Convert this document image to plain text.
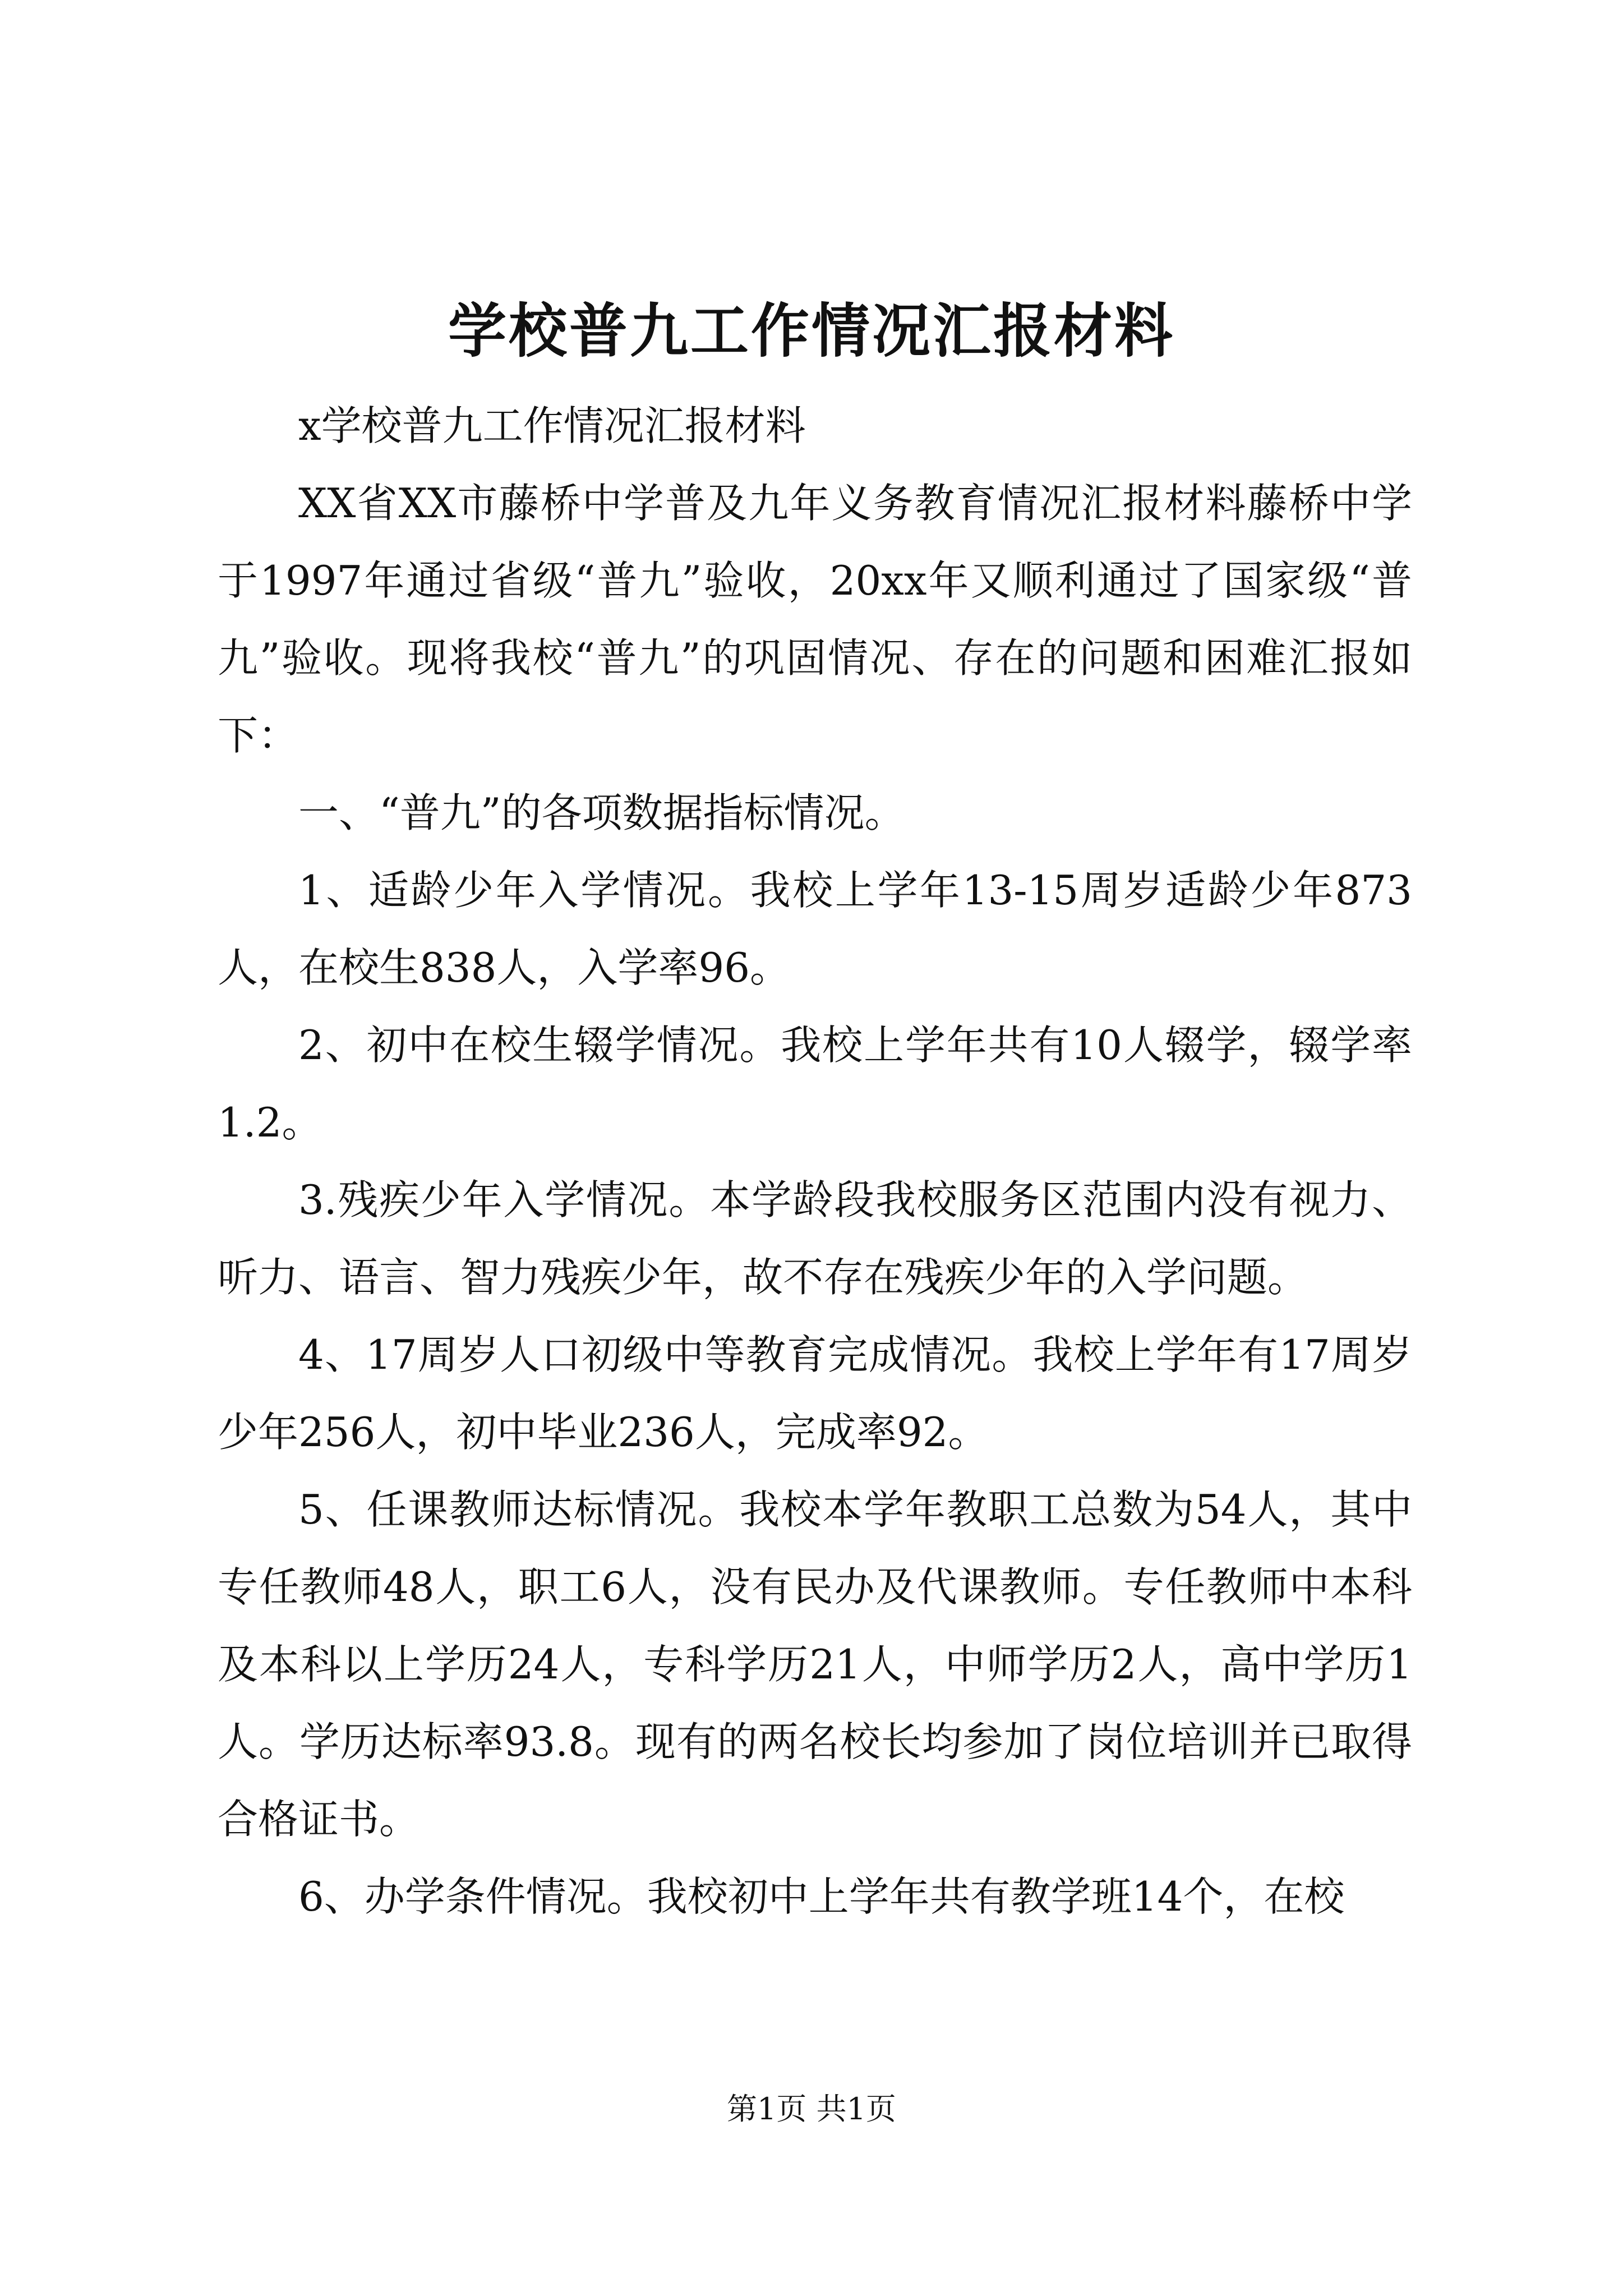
学校普九工作情况汇报材料

x学校普九工作情况汇报材料

XX省XX市藤桥中学普及九年义务教育情况汇报材料藤桥中学于1997年通过省级“普九”验收，20xx年又顺利通过了国家级“普九”验收。现将我校“普九”的巩固情况、存在的问题和困难汇报如下：

一、“普九”的各项数据指标情况。

1、适龄少年入学情况。我校上学年13-15周岁适龄少年873人，在校生838人，入学率96。

2、初中在校生辍学情况。我校上学年共有10人辍学，辍学率1.2。

3.残疾少年入学情况。本学龄段我校服务区范围内没有视力、听力、语言、智力残疾少年，故不存在残疾少年的入学问题。

4、17周岁人口初级中等教育完成情况。我校上学年有17周岁少年256人，初中毕业236人，完成率92。

5、任课教师达标情况。我校本学年教职工总数为54人，其中专任教师48人，职工6人，没有民办及代课教师。专任教师中本科及本科以上学历24人，专科学历21人，中师学历2人，高中学历1人。学历达标率93.8。现有的两名校长均参加了岗位培训并已取得合格证书。

6、办学条件情况。我校初中上学年共有教学班14个，在校

第1页 共1页
